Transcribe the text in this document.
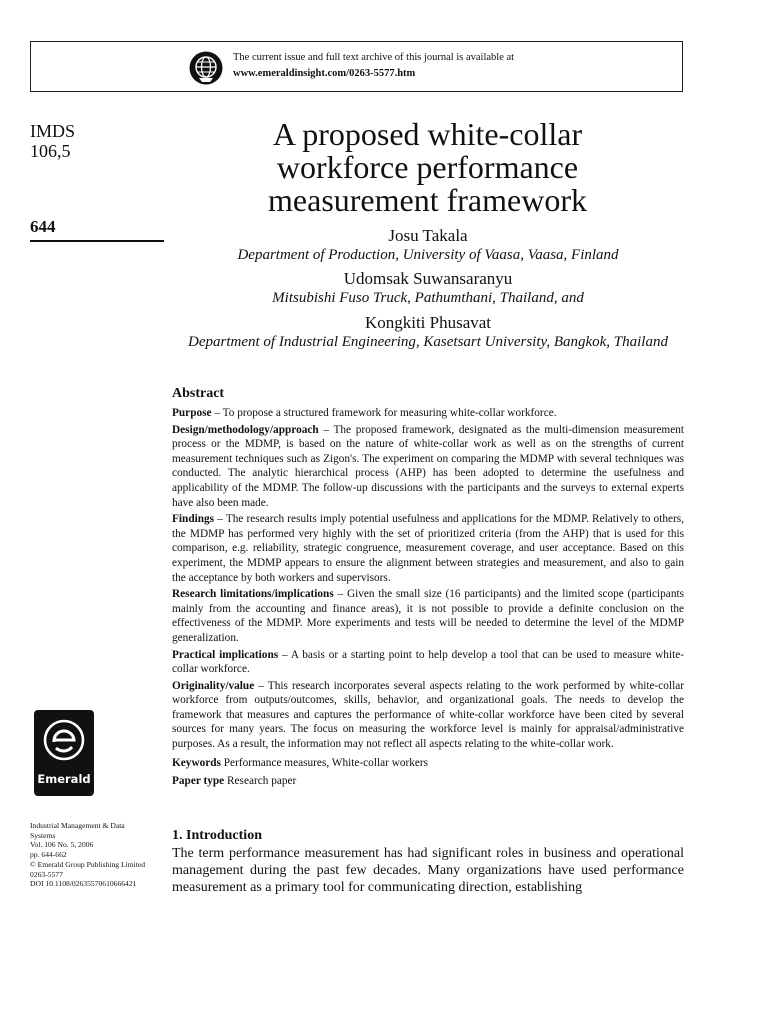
The current issue and full text archive of this journal is available at
www.emeraldinsight.com/0263-5577.htm
IMDS
106,5
644
A proposed white-collar
workforce performance
measurement framework
Josu Takala
Department of Production, University of Vaasa, Vaasa, Finland
Udomsak Suwansaranyu
Mitsubishi Fuso Truck, Pathumthani, Thailand, and
Kongkiti Phusavat
Department of Industrial Engineering, Kasetsart University, Bangkok, Thailand
Abstract

Purpose – To propose a structured framework for measuring white-collar workforce.

Design/methodology/approach – The proposed framework, designated as the multi-dimension measurement process or the MDMP, is based on the nature of white-collar work as well as on the strengths of current measurement techniques such as Zigon's. The experiment on comparing the MDMP with several techniques was conducted. The analytic hierarchical process (AHP) has been adopted to determine the usefulness and applicability of the MDMP. The follow-up discussions with the participants and the surveys to external experts have also been made.

Findings – The research results imply potential usefulness and applications for the MDMP. Relatively to others, the MDMP has performed very highly with the set of prioritized criteria (from the AHP) that is used for this comparison, e.g. reliability, strategic congruence, measurement coverage, and user acceptance. Based on this experiment, the MDMP appears to ensure the alignment between strategies and measurement, and also to gain the acceptance by both workers and supervisors.

Research limitations/implications – Given the small size (16 participants) and the limited scope (participants mainly from the accounting and finance areas), it is not possible to provide a definite conclusion on the effectiveness of the MDMP. More experiments and tests will be needed to determine the level of the MDMP generalization.

Practical implications – A basis or a starting point to help develop a tool that can be used to measure white-collar workforce.

Originality/value – This research incorporates several aspects relating to the work performed by white-collar workforce from outputs/outcomes, skills, behavior, and organizational goals. The needs to develop the framework that measures and captures the performance of white-collar workforce have been cited by several sources for many years. The focus on measuring the workforce level is mainly for appraisal/administrative purposes. As a result, the information may not reflect all aspects relating to the white-collar work.

Keywords Performance measures, White-collar workers

Paper type Research paper

Emerald
Industrial Management & Data
Systems
Vol. 106 No. 5, 2006
pp. 644-662
© Emerald Group Publishing Limited
0263-5577
DOI 10.1108/02635570610666421
1. Introduction

The term performance measurement has had significant roles in business and operational management during the past few decades. Many organizations have used performance measurement as a primary tool for communicating direction, establishing
